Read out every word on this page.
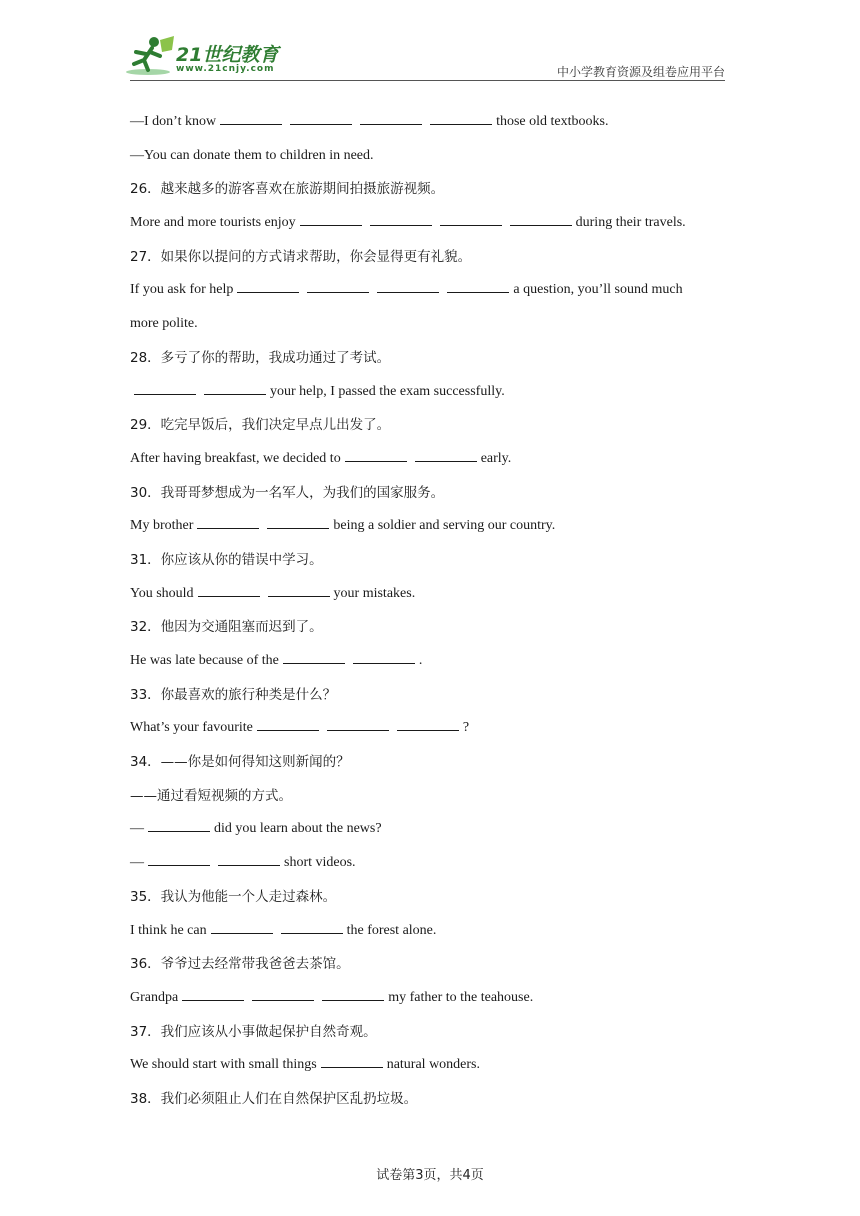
21世纪教育
www.21cnjy.com	中小学教育资源及组卷应用平台
—I don’t know	those old textbooks.
—You can donate them to children in need.
26．越来越多的游客喜欢在旅游期间拍摄旅游视频。
More and more tourists enjoy	during their travels.
27．如果你以提问的方式请求帮助，你会显得更有礼貌。
If you ask for help	a question, you’ll sound much
more polite.
28．多亏了你的帮助，我成功通过了考试。
your help, I passed the exam successfully.
29．吃完早饭后，我们决定早点儿出发了。
After having breakfast, we decided to	early.
30．我哥哥梦想成为一名军人，为我们的国家服务。
My brother	being a soldier and serving our country.
31．你应该从你的错误中学习。
You should	your mistakes.
32．他因为交通阻塞而迟到了。
He was late because of the	.
33．你最喜欢的旅行种类是什么？
What’s your favourite	?
34．——你是如何得知这则新闻的？
——通过看短视频的方式。
—	did you learn about the news?
—	short videos.
35．我认为他能一个人走过森林。
I think he can	the forest alone.
36．爷爷过去经常带我爸爸去茶馆。
Grandpa	my father to the teahouse.
37．我们应该从小事做起保护自然奇观。
We should start with small things	natural wonders.
38．我们必须阻止人们在自然保护区乱扔垃圾。
试卷第3页，共4页
